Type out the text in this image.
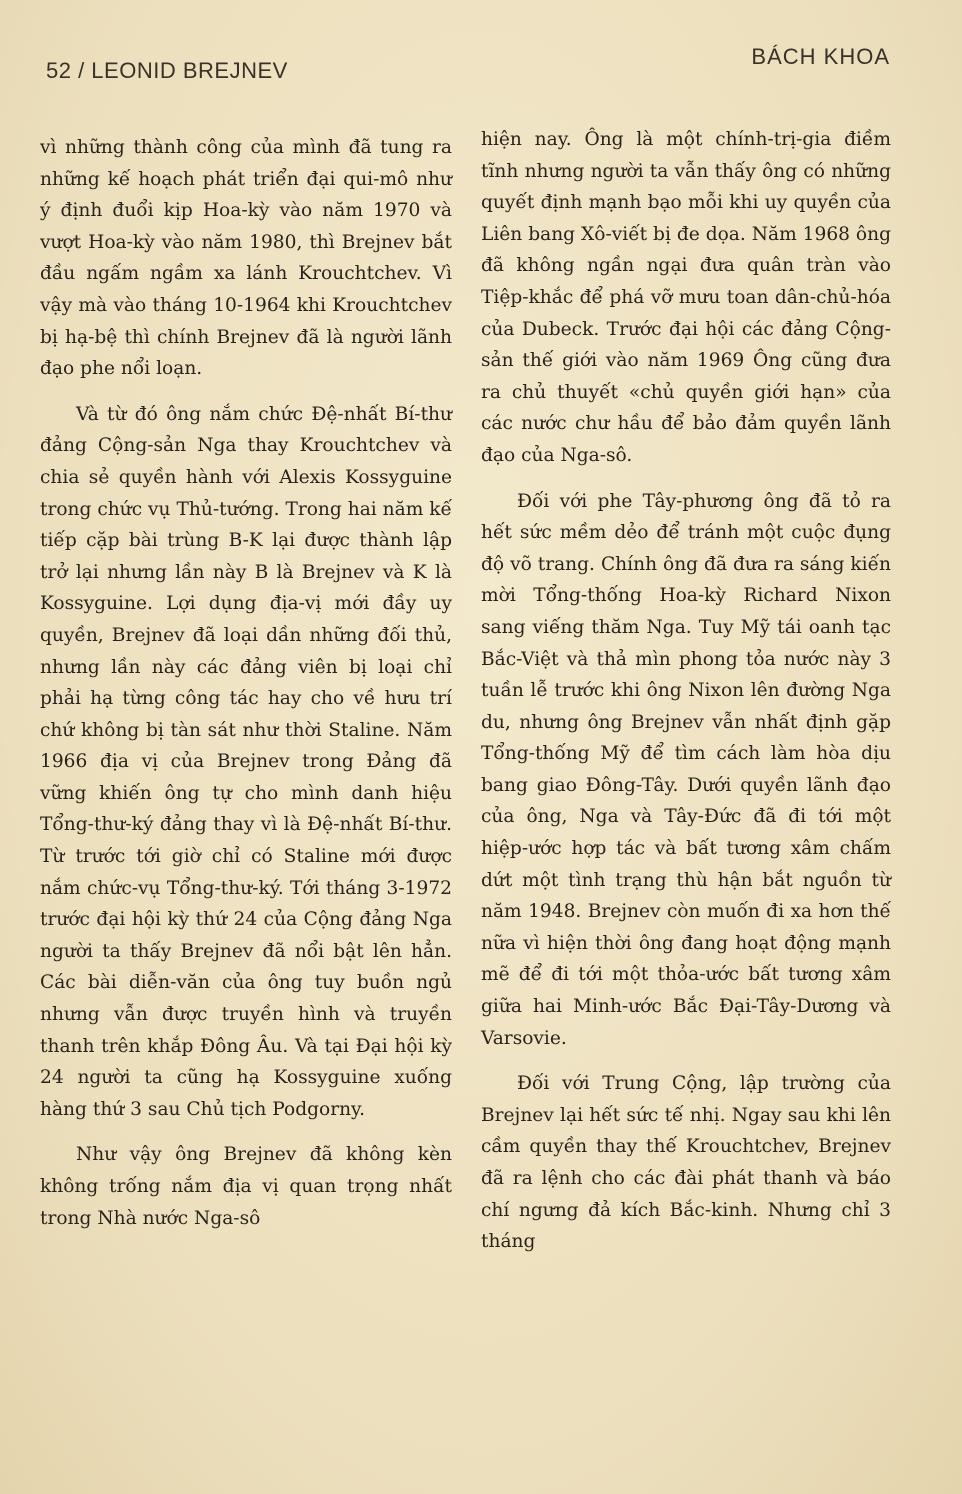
52 / LEONID BREJNEV
BÁCH KHOA

vì những thành công của mình đã tung ra những kế hoạch phát triển đại qui-mô như ý định đuổi kịp Hoa-kỳ vào năm 1970 và vượt Hoa-kỳ vào năm 1980, thì Brejnev bắt đầu ngấm ngầm xa lánh Krouchtchev. Vì vậy mà vào tháng 10-1964 khi Krouchtchev bị hạ-bệ thì chính Brejnev đã là người lãnh đạo phe nổi loạn.

Và từ đó ông nắm chức Đệ-nhất Bí-thư đảng Cộng-sản Nga thay Krouchtchev và chia sẻ quyền hành với Alexis Kossyguine trong chức vụ Thủ-tướng. Trong hai năm kế tiếp cặp bài trùng B-K lại được thành lập trở lại nhưng lần này B là Brejnev và K là Kossyguine. Lợi dụng địa-vị mới đầy uy quyền, Brejnev đã loại dần những đối thủ, nhưng lần này các đảng viên bị loại chỉ phải hạ từng công tác hay cho về hưu trí chứ không bị tàn sát như thời Staline. Năm 1966 địa vị của Brejnev trong Đảng đã vững khiến ông tự cho mình danh hiệu Tổng-thư-ký đảng thay vì là Đệ-nhất Bí-thư. Từ trước tới giờ chỉ có Staline mới được nắm chức-vụ Tổng-thư-ký. Tới tháng 3-1972 trước đại hội kỳ thứ 24 của Cộng đảng Nga người ta thấy Brejnev đã nổi bật lên hẳn. Các bài diễn-văn của ông tuy buồn ngủ nhưng vẫn được truyền hình và truyền thanh trên khắp Đông Âu. Và tại Đại hội kỳ 24 người ta cũng hạ Kossyguine xuống hàng thứ 3 sau Chủ tịch Podgorny.

Như vậy ông Brejnev đã không kèn không trống nắm địa vị quan trọng nhất trong Nhà nước Nga-sô

hiện nay. Ông là một chính-trị-gia điềm tĩnh nhưng người ta vẫn thấy ông có những quyết định mạnh bạo mỗi khi uy quyền của Liên bang Xô-viết bị đe dọa. Năm 1968 ông đã không ngần ngại đưa quân tràn vào Tiệp-khắc để phá vỡ mưu toan dân-chủ-hóa của Dubeck. Trước đại hội các đảng Cộng-sản thế giới vào năm 1969 Ông cũng đưa ra chủ thuyết «chủ quyền giới hạn» của các nước chư hầu để bảo đảm quyền lãnh đạo của Nga-sô.

Đối với phe Tây-phương ông đã tỏ ra hết sức mềm dẻo để tránh một cuộc đụng độ võ trang. Chính ông đã đưa ra sáng kiến mời Tổng-thống Hoa-kỳ Richard Nixon sang viếng thăm Nga. Tuy Mỹ tái oanh tạc Bắc-Việt và thả mìn phong tỏa nước này 3 tuần lễ trước khi ông Nixon lên đường Nga du, nhưng ông Brejnev vẫn nhất định gặp Tổng-thống Mỹ để tìm cách làm hòa dịu bang giao Đông-Tây. Dưới quyền lãnh đạo của ông, Nga và Tây-Đức đã đi tới một hiệp-ước hợp tác và bất tương xâm chấm dứt một tình trạng thù hận bắt nguồn từ năm 1948. Brejnev còn muốn đi xa hơn thế nữa vì hiện thời ông đang hoạt động mạnh mẽ để đi tới một thỏa-ước bất tương xâm giữa hai Minh-ước Bắc Đại-Tây-Dương và Varsovie.

Đối với Trung Cộng, lập trường của Brejnev lại hết sức tế nhị. Ngay sau khi lên cầm quyền thay thế Krouchtchev, Brejnev đã ra lệnh cho các đài phát thanh và báo chí ngưng đả kích Bắc-kinh. Nhưng chỉ 3 tháng
